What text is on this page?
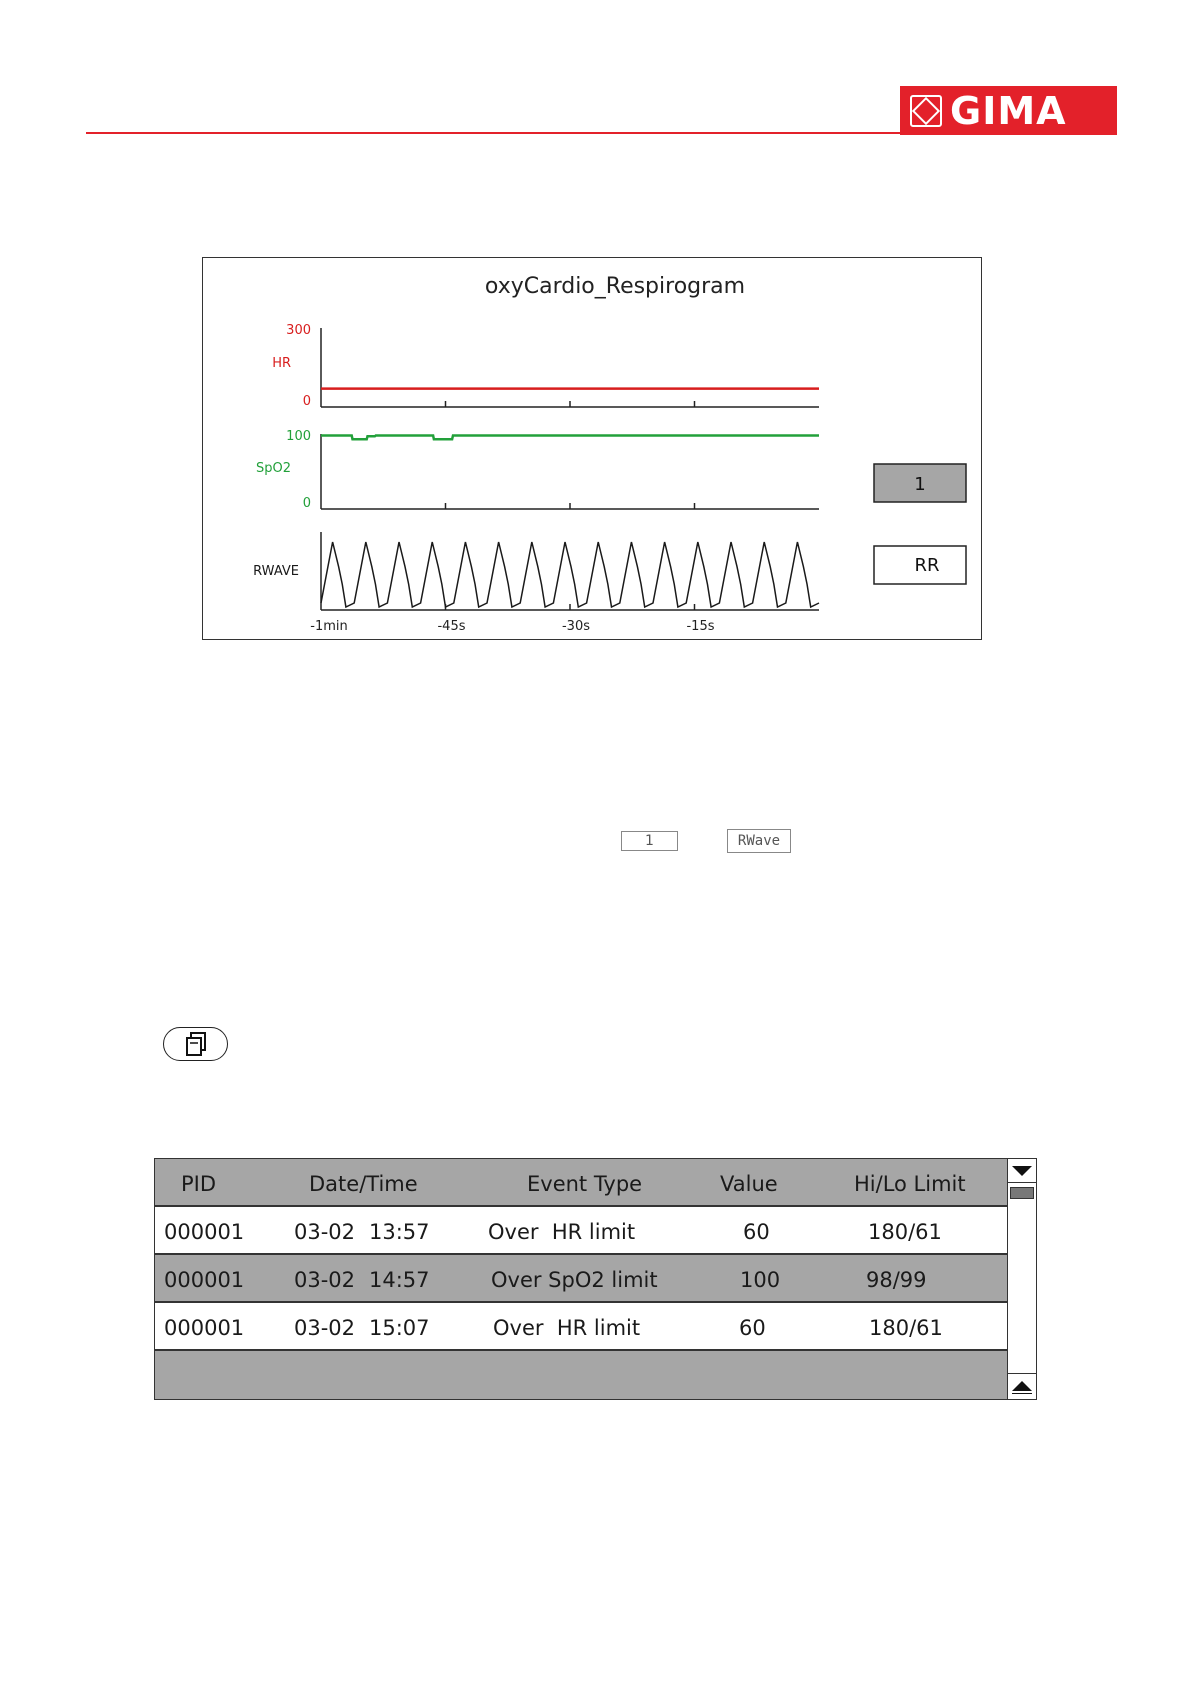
GIMA
oxyCardio_Respirogram
HR
300
0
SpO2
100
0
RWAVE
-1min	-45s	-30s	-15s
1
RR
1	RWave
PID	Date/Time	Event Type	Value	Hi/Lo Limit
000001 03-02 13:57	Over  HR limit	60	180/61
000001 03-02 14:57	Over SpO2 limit	100	98/99
000001 03-02 15:07	Over  HR limit	60	180/61
